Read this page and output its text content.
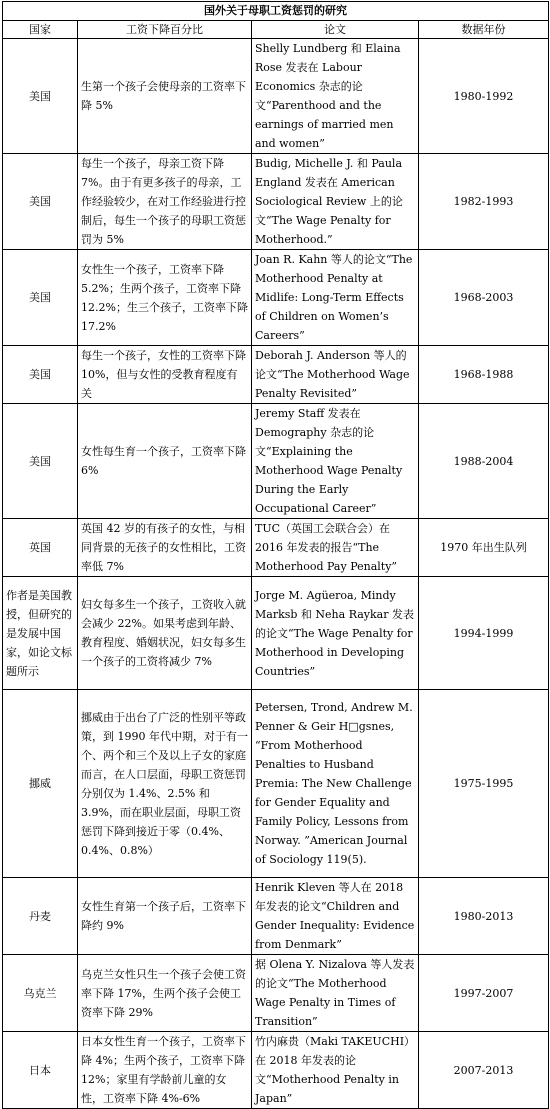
国外关于母职工资惩罚的研究			
国家	工资下降百分比	论文	数据年份
美国	生第一个孩子会使母亲的工资率下降 5%	Shelly Lundberg 和 Elaina Rose 发表在 Labour Economics 杂志的论文“Parenthood and the earnings of married men and women”	1980-1992
美国	每生一个孩子，母亲工资下降7%。由于有更多孩子的母亲，工作经验较少，在对工作经验进行控制后，每生一个孩子的母职工资惩罚为 5%	Budig, Michelle J. 和 Paula England 发表在 American Sociological Review 上的论文“The Wage Penalty for Motherhood.”	1982-1993
美国	女性生一个孩子，工资率下降 5.2%；生两个孩子，工资率下降 12.2%；生三个孩子，工资率下降 17.2%	Joan R. Kahn 等人的论文“The Motherhood Penalty at Midlife: Long-Term Effects of Children on Women’s Careers”	1968-2003
美国	每生一个孩子，女性的工资率下降 10%，但与女性的受教育程度有关	Deborah J. Anderson 等人的论文“The Motherhood Wage Penalty Revisited”	1968-1988
美国	女性每生育一个孩子，工资率下降 6%	Jeremy Staff 发表在 Demography 杂志的论文“Explaining the Motherhood Wage Penalty During the Early Occupational Career”	1988-2004
英国	英国 42 岁的有孩子的女性，与相同背景的无孩子的女性相比，工资率低 7%	TUC（英国工会联合会）在 2016 年发表的报告“The Motherhood Pay Penalty”	1970 年出生队列
作者是美国教授，但研究的是发展中国家，如论文标题所示	妇女每多生一个孩子，工资收入就会减少 22%。如果考虑到年龄、教育程度、婚姻状况，妇女每多生一个孩子的工资将减少 7%	Jorge M. Agüeroa, Mindy Marksb 和 Neha Raykar 发表的论文“The Wage Penalty for Motherhood in Developing Countries”	1994-1999
挪威	挪威由于出台了广泛的性别平等政策，到 1990 年代中期，对于有一个、两个和三个及以上子女的家庭而言，在人口层面，母职工资惩罚分别仅为 1.4%、2.5% 和 3.9%，而在职业层面，母职工资惩罚下降到接近于零（0.4%、0.4%、0.8%）	Petersen, Trond, Andrew M. Penner & Geir H□gsnes, “From Motherhood Penalties to Husband Premia: The New Challenge for Gender Equality and Family Policy, Lessons from Norway. ”American Journal of Sociology 119(5).	1975-1995
丹麦	女性生育第一个孩子后，工资率下降约 9%	Henrik Kleven 等人在 2018 年发表的论文“Children and Gender Inequality: Evidence from Denmark”	1980-2013
乌克兰	乌克兰女性只生一个孩子会使工资率下降 17%，生两个孩子会使工资率下降 29%	据 Olena Y. Nizalova 等人发表的论文“The Motherhood Wage Penalty in Times of Transition”	1997-2007
日本	日本女性生育一个孩子，工资率下降 4%；生两个孩子，工资率下降 12%；家里有学龄前儿童的女性，工资率下降 4%-6%	竹内麻贵（Maki TAKEUCHI）在 2018 年发表的论文“Motherhood Penalty in Japan”	2007-2013
